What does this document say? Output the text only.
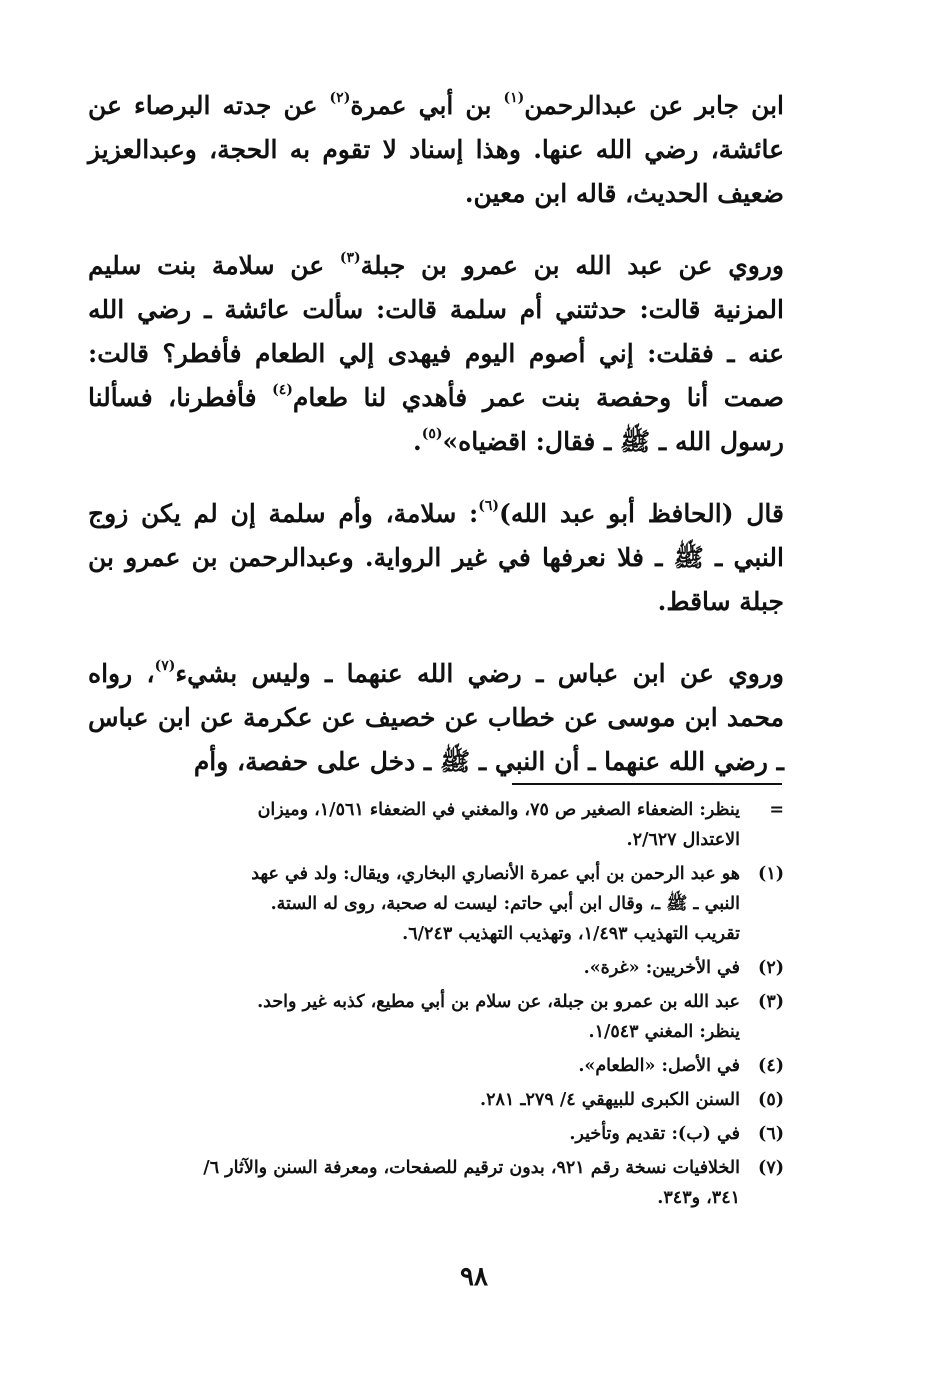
ابن جابر عن عبدالرحمن$^{(١)}$ بن أبي عمرة$^{(٢)}$ عن جدته البرصاء عن عائشة، رضي الله عنها. وهذا إسناد لا تقوم به الحجة، وعبدالعزيز ضعيف الحديث، قاله ابن معين.

وروي عن عبد الله بن عمرو بن جبلة$^{(٣)}$ عن سلامة بنت سليم المزنية قالت: حدثتني أم سلمة قالت: سألت عائشة ـ رضي الله عنه ـ فقلت: إني أصوم اليوم فيهدى إلي الطعام فأفطر؟ قالت: صمت أنا وحفصة بنت عمر فأهدي لنا طعام$^{(٤)}$ فأفطرنا، فسألنا رسول الله ـ ﷺ ـ فقال: اقضياه»$^{(٥)}$.

قال (الحافظ أبو عبد الله)$^{(٦)}$: سلامة، وأم سلمة إن لم يكن زوج النبي ـ ﷺ ـ فلا نعرفها في غير الرواية. وعبدالرحمن بن عمرو بن جبلة ساقط.

وروي عن ابن عباس ـ رضي الله عنهما ـ وليس بشيء$^{(٧)}$، رواه محمد ابن موسى عن خطاب عن خصيف عن عكرمة عن ابن عباس ـ رضي الله عنهما ـ أن النبي ـ ﷺ ـ دخل على حفصة، وأم

=
ينظر: الضعفاء الصغير ص ٧٥، والمغني في الضعفاء ١/٥٦١، وميزان
الاعتدال ٢/٦٢٧.
(١)
هو عبد الرحمن بن أبي عمرة الأنصاري البخاري، ويقال: ولد في عهد
النبي ـ ﷺ ـ، وقال ابن أبي حاتم: ليست له صحبة، روى له الستة.
تقريب التهذيب ١/٤٩٣، وتهذيب التهذيب ٦/٢٤٣.
(٢)
في الأخريين: «غرة».
(٣)
عبد الله بن عمرو بن جبلة، عن سلام بن أبي مطيع، كذبه غير واحد.
ينظر: المغني ١/٥٤٣.
(٤)
في الأصل: «الطعام».
(٥)
السنن الكبرى للبيهقي ٤/ ٢٧٩ـ ٢٨١.
(٦)
في (ب): تقديم وتأخير.
(٧)
الخلافيات نسخة رقم ٩٢١، بدون ترقيم للصفحات، ومعرفة السنن والآثار ٦/
٣٤١، و٣٤٣.
٩٨
